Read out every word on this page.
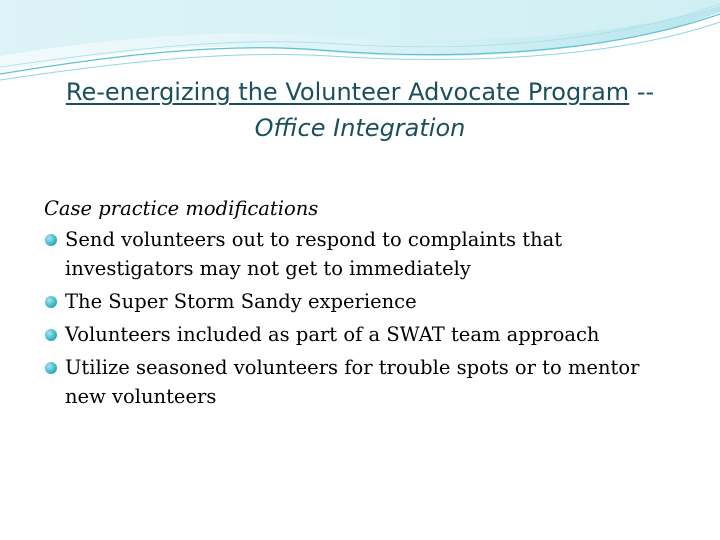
Re-energizing the Volunteer Advocate Program --
Office Integration
Case practice modifications
Send volunteers out to respond to complaints that investigators may not get to immediately
The Super Storm Sandy experience
Volunteers included as part of a SWAT team approach
Utilize seasoned volunteers for trouble spots or to mentor new volunteers
